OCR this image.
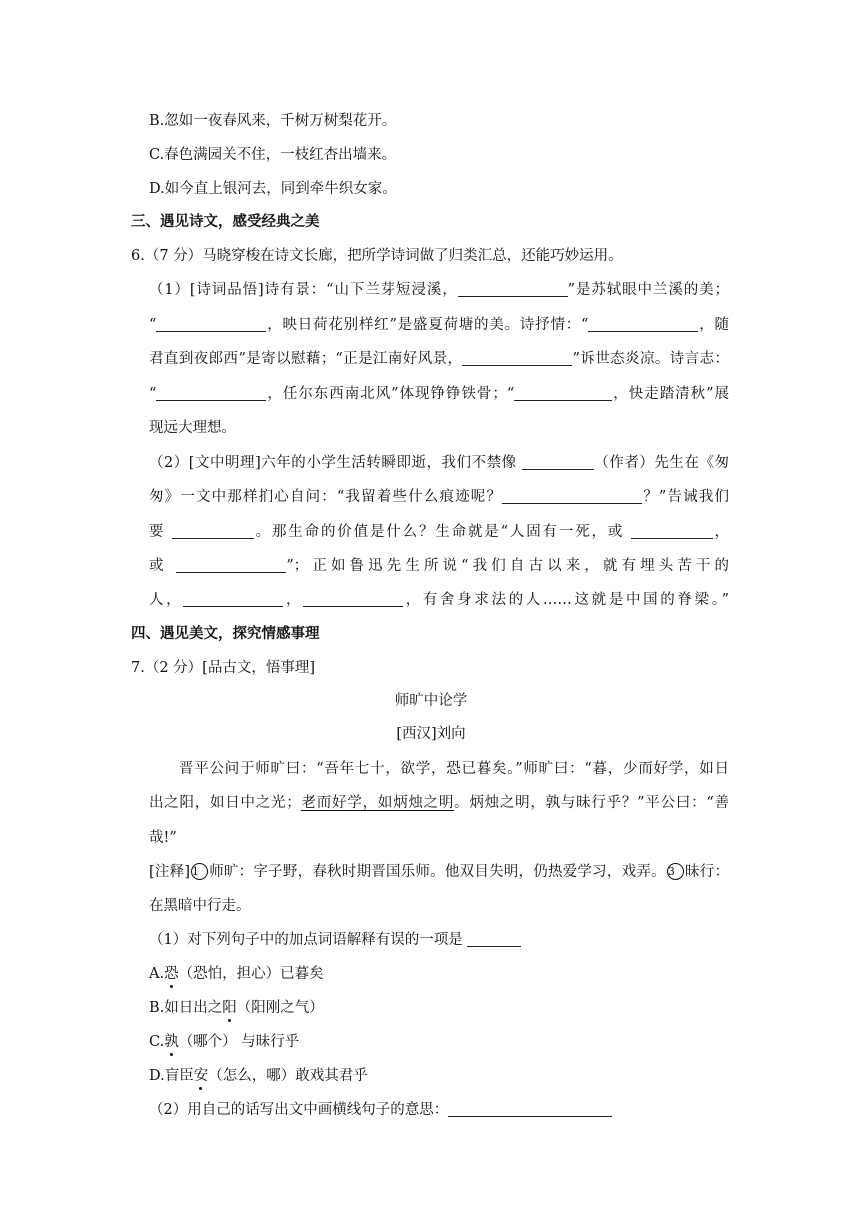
B.忽如一夜春风来，千树万树梨花开。
C.春色满园关不住，一枝红杏出墙来。
D.如今直上银河去，同到牵牛织女家。
三、遇见诗文，感受经典之美
6.（7 分）马晓穿梭在诗文长廊，把所学诗词做了归类汇总，还能巧妙运用。
（1）[诗词品悟]诗有景：“山下兰芽短浸溪，	”是苏轼眼中兰溪的美；
“	，映日荷花别样红”是盛夏荷塘的美。诗抒情：“	，随
君直到夜郎西”是寄以慰藉；“正是江南好风景，	”诉世态炎凉。诗言志：
“	，任尔东西南北风”体现铮铮铁骨；“	，快走踏清秋”展
现远大理想。
（2）[文中明理]六年的小学生活转瞬即逝，我们不禁像	（作者）先生在《匆
匆》一文中那样扪心自问：“我留着些什么痕迹呢？	？”告诫我们
要	。那生命的价值是什么？生命就是“人固有一死，或	，
或	”；正如鲁迅先生所说“我们自古以来，就有埋头苦干的
人，	，	，有舍身求法的人……这就是中国的脊梁。”
四、遇见美文，探究情感事理
7.（2 分）[品古文，悟事理]
师旷中论学
[西汉]刘向
晋平公问于师旷曰：“吾年七十，欲学，恐已暮矣。”师旷曰：“暮，少而好学，如日
出之阳，如日中之光；老而好学，如炳烛之明。炳烛之明，孰与昧行乎？”平公曰：“善
哉!”
[注释] 1 师旷：字子野，春秋时期晋国乐师。他双目失明，仍热爱学习，戏弄。 3 昧行：
在黑暗中行走。
（1）对下列句子中的加点词语解释有误的一项是
A.恐（恐怕，担心）已暮矣
B.如日出之阳（阳刚之气）
C.孰（哪个） 与昧行乎
D.盲臣安（怎么，哪）敢戏其君乎
（2）用自己的话写出文中画横线句子的意思：
